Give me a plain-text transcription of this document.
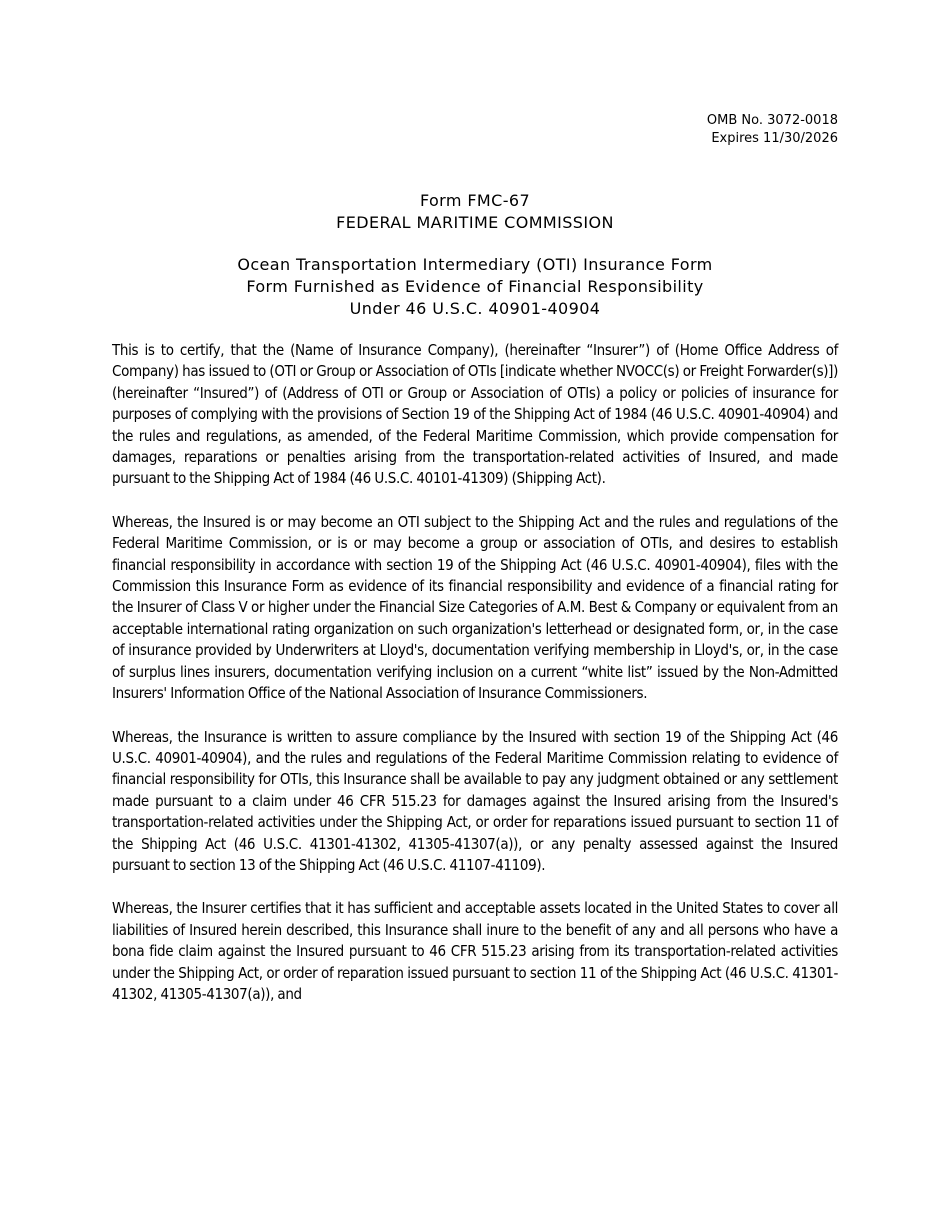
OMB No. 3072-0018
Expires 11/30/2026
Form FMC-67
FEDERAL MARITIME COMMISSION
Ocean Transportation Intermediary (OTI) Insurance Form
Form Furnished as Evidence of Financial Responsibility
Under 46 U.S.C. 40901-40904

This is to certify, that the (Name of Insurance Company), (hereinafter “Insurer”) of (Home Office Address of Company) has issued to (OTI or Group or Association of OTIs [indicate whether NVOCC(s) or Freight Forwarder(s)]) (hereinafter “Insured”) of (Address of OTI or Group or Association of OTIs) a policy or policies of insurance for purposes of complying with the provisions of Section 19 of the Shipping Act of 1984 (46 U.S.C. 40901-40904) and the rules and regulations, as amended, of the Federal Maritime Commission, which provide compensation for damages, reparations or penalties arising from the transportation-related activities of Insured, and made pursuant to the Shipping Act of 1984 (46 U.S.C. 40101-41309) (Shipping Act).

Whereas, the Insured is or may become an OTI subject to the Shipping Act and the rules and regulations of the Federal Maritime Commission, or is or may become a group or association of OTIs, and desires to establish financial responsibility in accordance with section 19 of the Shipping Act (46 U.S.C. 40901-40904), files with the Commission this Insurance Form as evidence of its financial responsibility and evidence of a financial rating for the Insurer of Class V or higher under the Financial Size Categories of A.M. Best & Company or equivalent from an acceptable international rating organization on such organization's letterhead or designated form, or, in the case of insurance provided by Underwriters at Lloyd's, documentation verifying membership in Lloyd's, or, in the case of surplus lines insurers, documentation verifying inclusion on a current “white list” issued by the Non-Admitted Insurers' Information Office of the National Association of Insurance Commissioners.

Whereas, the Insurance is written to assure compliance by the Insured with section 19 of the Shipping Act (46 U.S.C. 40901-40904), and the rules and regulations of the Federal Maritime Commission relating to evidence of financial responsibility for OTIs, this Insurance shall be available to pay any judgment obtained or any settlement made pursuant to a claim under 46 CFR 515.23 for damages against the Insured arising from the Insured's transportation-related activities under the Shipping Act, or order for reparations issued pursuant to section 11 of the Shipping Act (46 U.S.C. 41301-41302, 41305-41307(a)), or any penalty assessed against the Insured pursuant to section 13 of the Shipping Act (46 U.S.C. 41107-41109).

Whereas, the Insurer certifies that it has sufficient and acceptable assets located in the United States to cover all liabilities of Insured herein described, this Insurance shall inure to the benefit of any and all persons who have a bona fide claim against the Insured pursuant to 46 CFR 515.23 arising from its transportation-related activities under the Shipping Act, or order of reparation issued pursuant to section 11 of the Shipping Act (46 U.S.C. 41301-41302, 41305-41307(a)), and
